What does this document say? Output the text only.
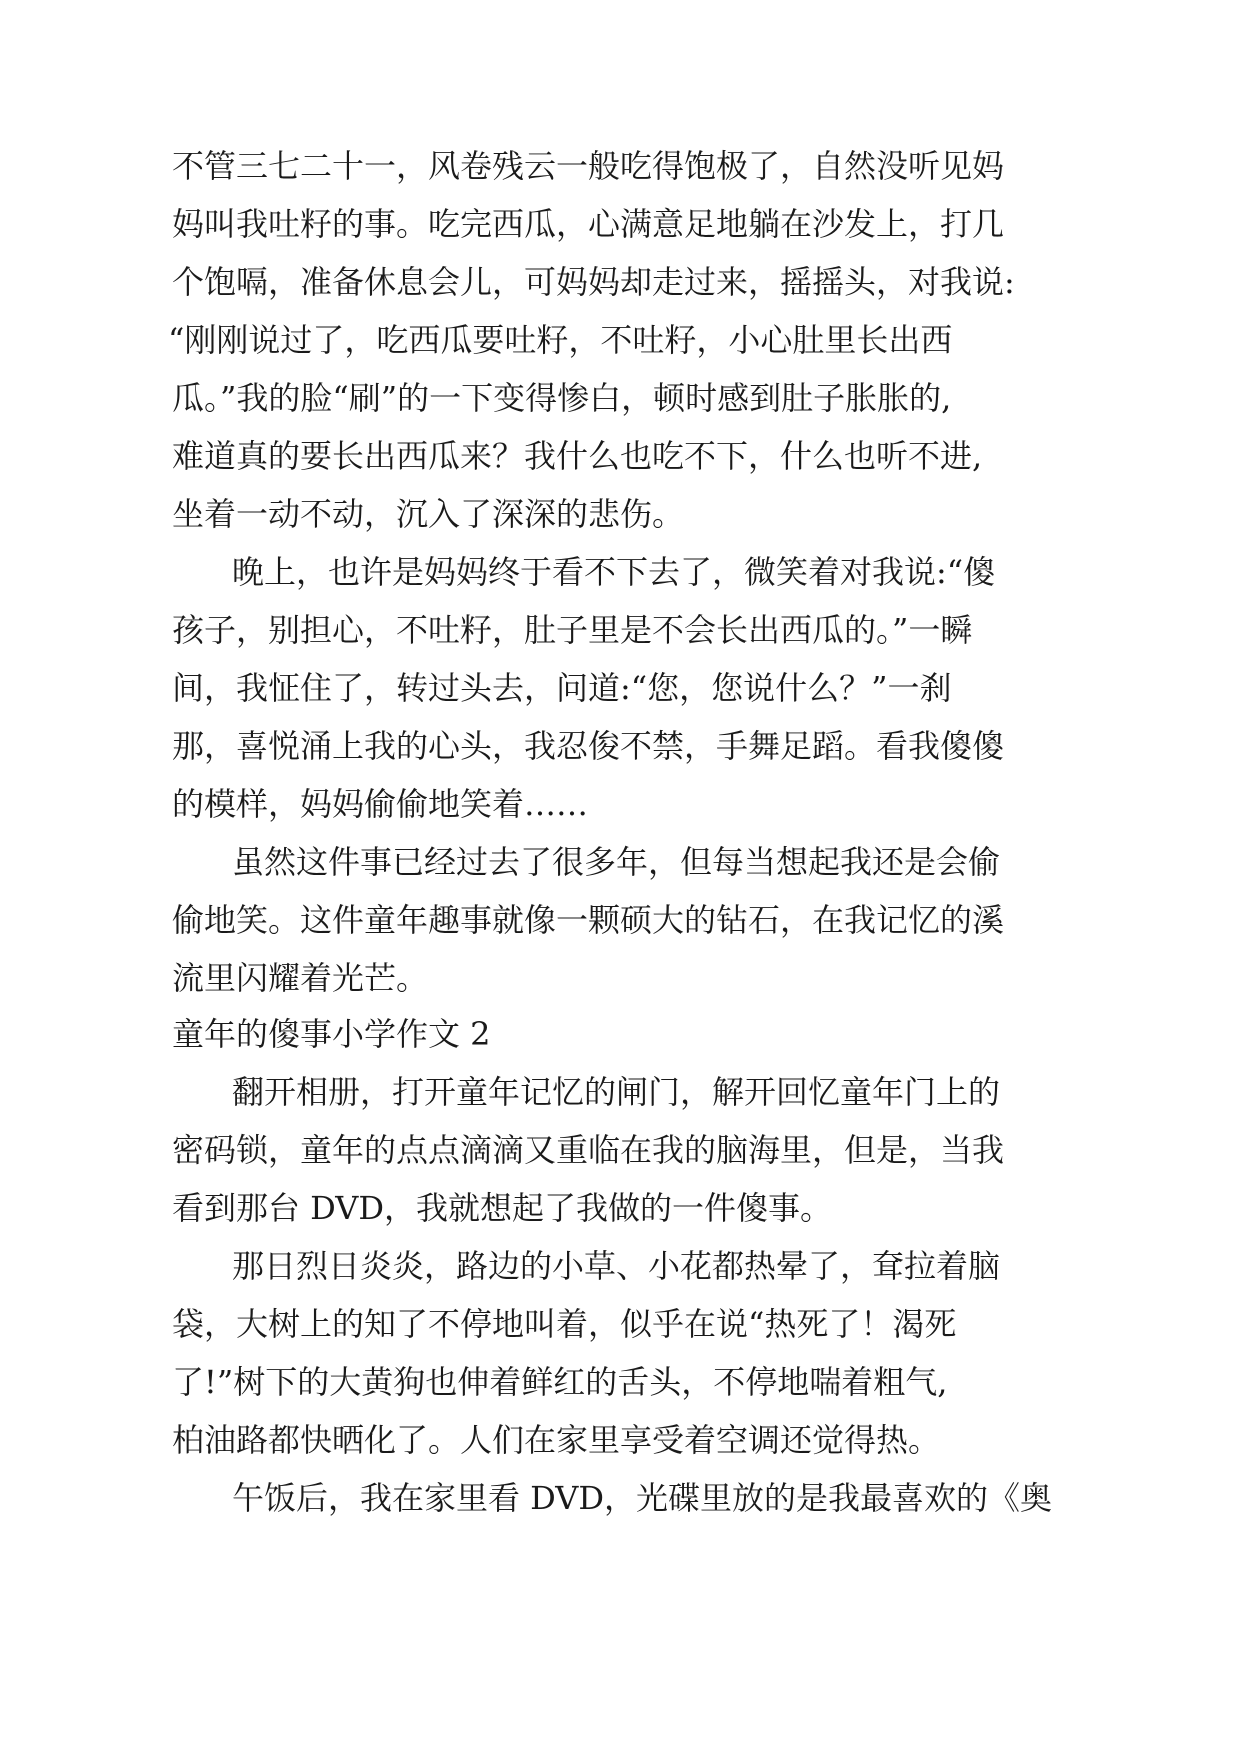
不管三七二十一，风卷残云一般吃得饱极了，自然没听见妈

妈叫我吐籽的事。吃完西瓜，心满意足地躺在沙发上，打几

个饱嗝，准备休息会儿，可妈妈却走过来，摇摇头，对我说:

“刚刚说过了，吃西瓜要吐籽，不吐籽，小心肚里长出西

瓜。”我的脸“刷”的一下变得惨白，顿时感到肚子胀胀的,

难道真的要长出西瓜来？我什么也吃不下，什么也听不进,

坐着一动不动，沉入了深深的悲伤。

晚上，也许是妈妈终于看不下去了，微笑着对我说:“傻

孩子，别担心，不吐籽，肚子里是不会长出西瓜的。”一瞬

间，我怔住了，转过头去，问道:“您，您说什么？”一刹

那，喜悦涌上我的心头，我忍俊不禁，手舞足蹈。看我傻傻

的模样，妈妈偷偷地笑着……

虽然这件事已经过去了很多年，但每当想起我还是会偷

偷地笑。这件童年趣事就像一颗硕大的钻石，在我记忆的溪

流里闪耀着光芒。

童年的傻事小学作文 2

翻开相册，打开童年记忆的闸门，解开回忆童年门上的

密码锁，童年的点点滴滴又重临在我的脑海里，但是，当我

看到那台 DVD，我就想起了我做的一件傻事。

那日烈日炎炎，路边的小草、小花都热晕了，耷拉着脑

袋，大树上的知了不停地叫着，似乎在说“热死了！渴死

了!”树下的大黄狗也伸着鲜红的舌头，不停地喘着粗气,

柏油路都快晒化了。人们在家里享受着空调还觉得热。

午饭后，我在家里看 DVD，光碟里放的是我最喜欢的《奥
